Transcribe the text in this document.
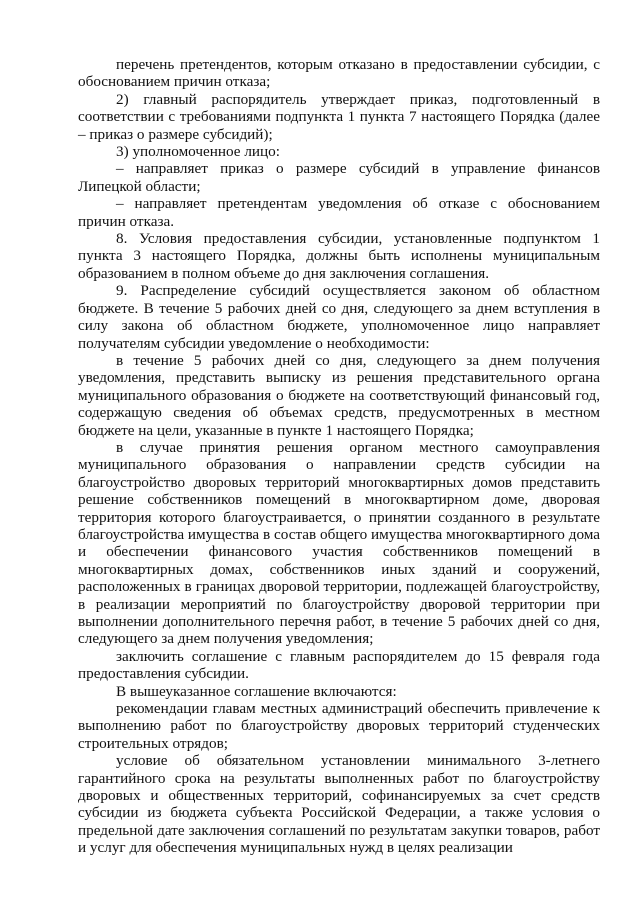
перечень претендентов, которым отказано в предоставлении субсидии, с обоснованием причин отказа;

2) главный распорядитель утверждает приказ, подготовленный в соответствии с требованиями подпункта 1 пункта 7 настоящего Порядка (далее – приказ о размере субсидий);

3) уполномоченное лицо:

– направляет приказ о размере субсидий в управление финансов Липецкой области;

– направляет претендентам уведомления об отказе с обоснованием причин отказа.

8. Условия предоставления субсидии, установленные подпунктом 1 пункта 3 настоящего Порядка, должны быть исполнены муниципальным образованием в полном объеме до дня заключения соглашения.

9. Распределение субсидий осуществляется законом об областном бюджете. В течение 5 рабочих дней со дня, следующего за днем вступления в силу закона об областном бюджете, уполномоченное лицо направляет получателям субсидии уведомление о необходимости:

в течение 5 рабочих дней со дня, следующего за днем получения уведомления, представить выписку из решения представительного органа муниципального образования о бюджете на соответствующий финансовый год, содержащую сведения об объемах средств, предусмотренных в местном бюджете на цели, указанные в пункте 1 настоящего Порядка;

в случае принятия решения органом местного самоуправления муниципального образования о направлении средств субсидии на благоустройство дворовых территорий многоквартирных домов представить решение собственников помещений в многоквартирном доме, дворовая территория которого благоустраивается, о принятии созданного в результате благоустройства имущества в состав общего имущества многоквартирного дома и обеспечении финансового участия собственников помещений в многоквартирных домах, собственников иных зданий и сооружений, расположенных в границах дворовой территории, подлежащей благоустройству, в реализации мероприятий по благоустройству дворовой территории при выполнении дополнительного перечня работ, в течение 5 рабочих дней со дня, следующего за днем получения уведомления;

заключить соглашение с главным распорядителем до 15 февраля года предоставления субсидии.

В вышеуказанное соглашение включаются:

рекомендации главам местных администраций обеспечить привлечение к выполнению работ по благоустройству дворовых территорий студенческих строительных отрядов;

условие об обязательном установлении минимального 3-летнего гарантийного срока на результаты выполненных работ по благоустройству дворовых и общественных территорий, софинансируемых за счет средств субсидии из бюджета субъекта Российской Федерации, а также условия о предельной дате заключения соглашений по результатам закупки товаров, работ и услуг для обеспечения муниципальных нужд в целях реализации
